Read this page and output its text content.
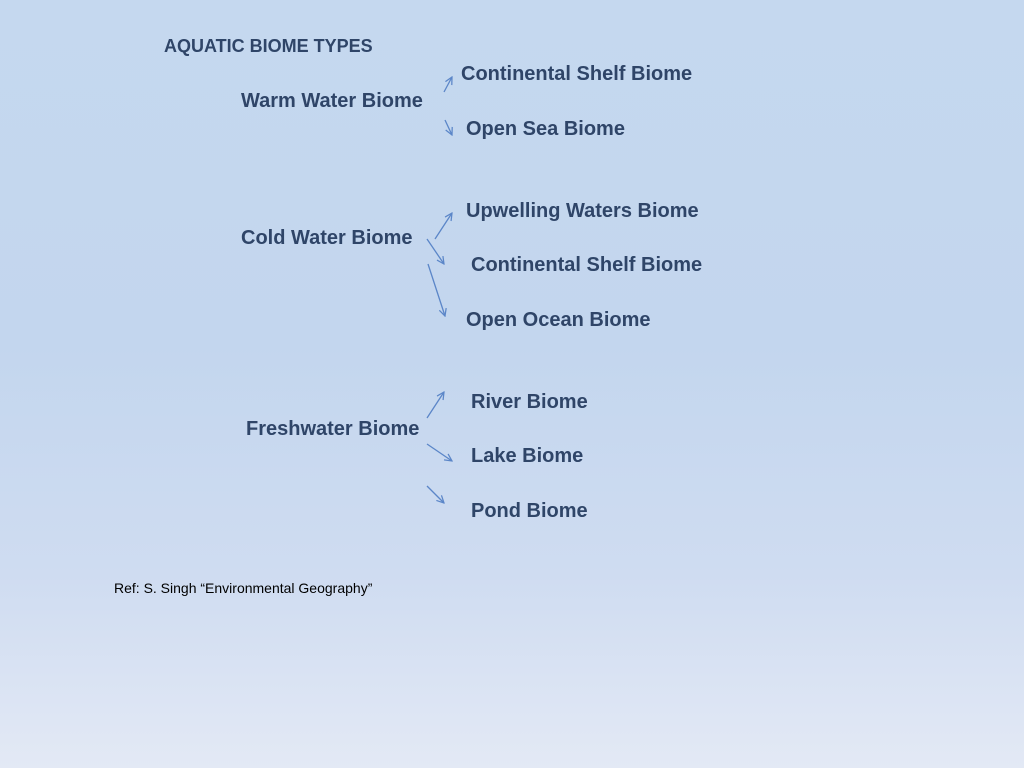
AQUATIC BIOME TYPES
Warm Water Biome
Continental Shelf Biome
Open Sea Biome
Cold Water Biome
Upwelling Waters Biome
Continental Shelf Biome
Open Ocean Biome
Freshwater Biome
River Biome
Lake Biome
Pond Biome
Ref: S. Singh “Environmental Geography”
